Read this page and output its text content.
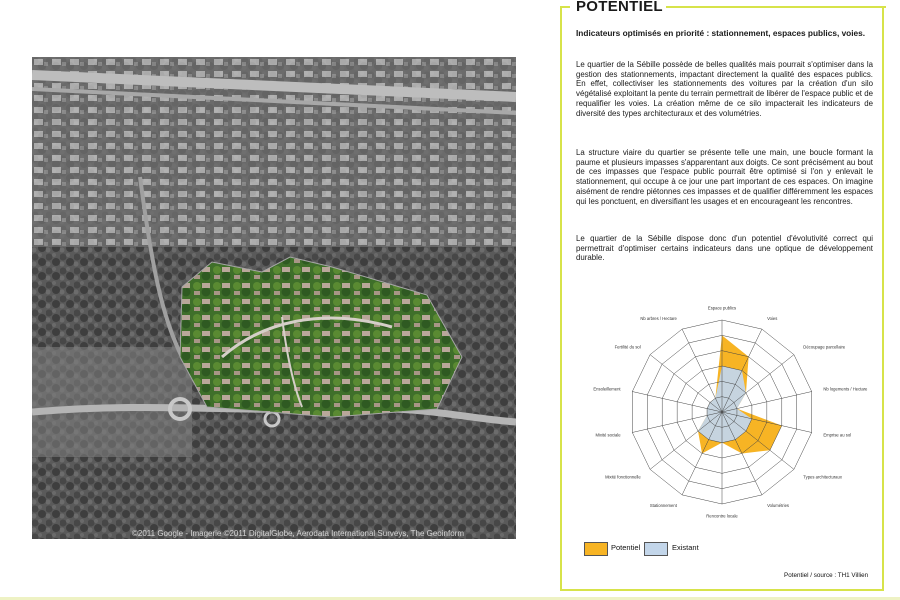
©2011 Google - Imagerie ©2011 DigitalGlobe, Aerodata International Surveys, The Geoinform
POTENTIEL
Indicateurs optimisés en priorité : stationnement, espaces publics, voies.

Le quartier de la Sébille possède de belles qualités mais pourrait s'optimiser dans la gestion des stationnements, impactant directement la qualité des espaces publics. En effet, collectiviser les stationnements des voitures par la création d'un silo végétalisé exploitant la pente du terrain permettrait de libérer de l'espace public et de requalifier les voies. La création même de ce silo impacterait les indicateurs de diversité des types architecturaux et des volumétries.

La structure viaire du quartier se présente telle une main, une boucle formant la paume et plusieurs impasses s'apparentant aux doigts. Ce sont précisément au bout de ces impasses que l'espace public pourrait être optimisé si l'on y enlevait le stationnement, qui occupe à ce jour une part important de ces espaces. On imagine aisément de rendre piétonnes ces impasses et de qualifier différemment les espaces qui les ponctuent, en diversifiant les usages et en encourageant les rencontres.

Le quartier de la Sébille dispose donc d'un potentiel d'évolutivité correct qui permettrait d'optimiser certains indicateurs dans une optique de développement durable.

Espace publics
Voies
Découpage parcellaire
Nb logements / Hectare
Emprise au sol
Types architecturaux
Volumétries
Rencontre locale
Stationnement
Mixité fonctionnelle
Mixité sociale
Ensoleillement
Fertilité du sol
Nb arbres / Hectare
Potentiel	Existant
Potentiel / source : TH1 Villien
